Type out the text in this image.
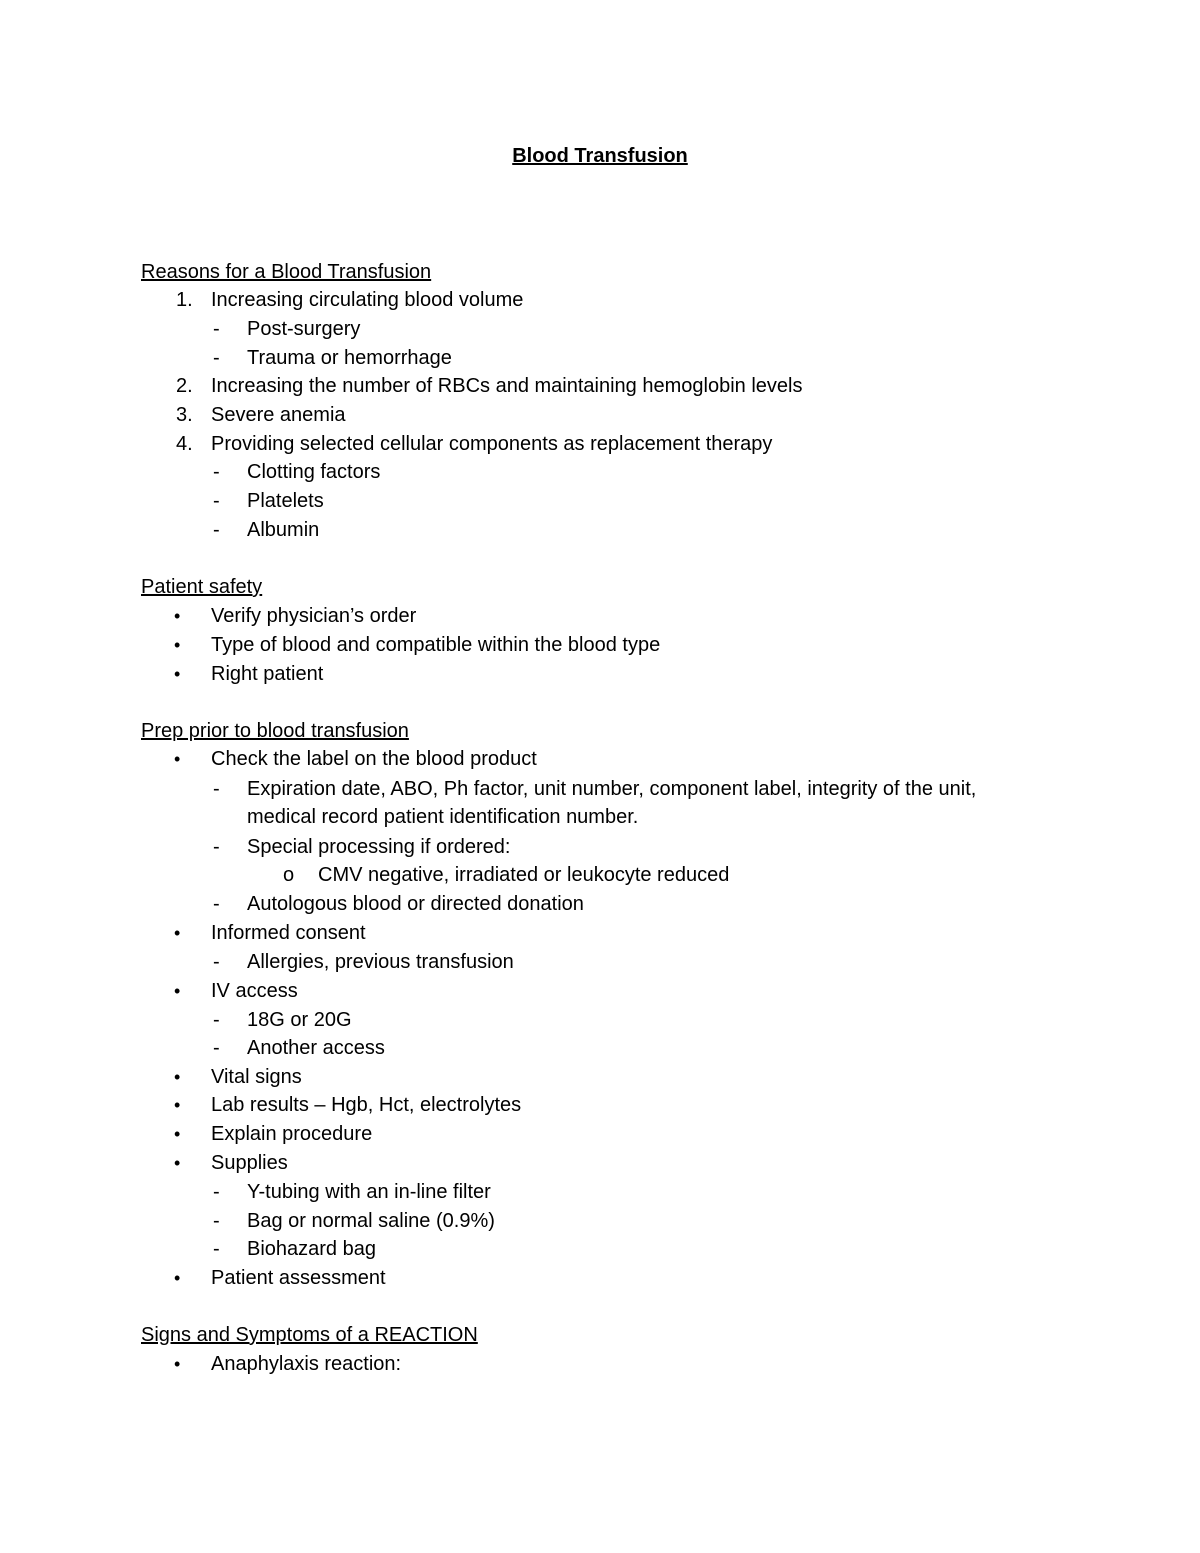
Blood Transfusion
Reasons for a Blood Transfusion
1. Increasing circulating blood volume
- Post-surgery
- Trauma or hemorrhage
2. Increasing the number of RBCs and maintaining hemoglobin levels
3. Severe anemia
4. Providing selected cellular components as replacement therapy
- Clotting factors
- Platelets
- Albumin
Patient safety
• Verify physician’s order
• Type of blood and compatible within the blood type
• Right patient
Prep prior to blood transfusion
• Check the label on the blood product
- Expiration date, ABO, Ph factor, unit number, component label, integrity of the unit,
medical record patient identification number.
- Special processing if ordered:
o CMV negative, irradiated or leukocyte reduced
- Autologous blood or directed donation
• Informed consent
- Allergies, previous transfusion
• IV access
- 18G or 20G
- Another access
• Vital signs
• Lab results – Hgb, Hct, electrolytes
• Explain procedure
• Supplies
- Y-tubing with an in-line filter
- Bag or normal saline (0.9%)
- Biohazard bag
• Patient assessment
Signs and Symptoms of a REACTION
• Anaphylaxis reaction:
